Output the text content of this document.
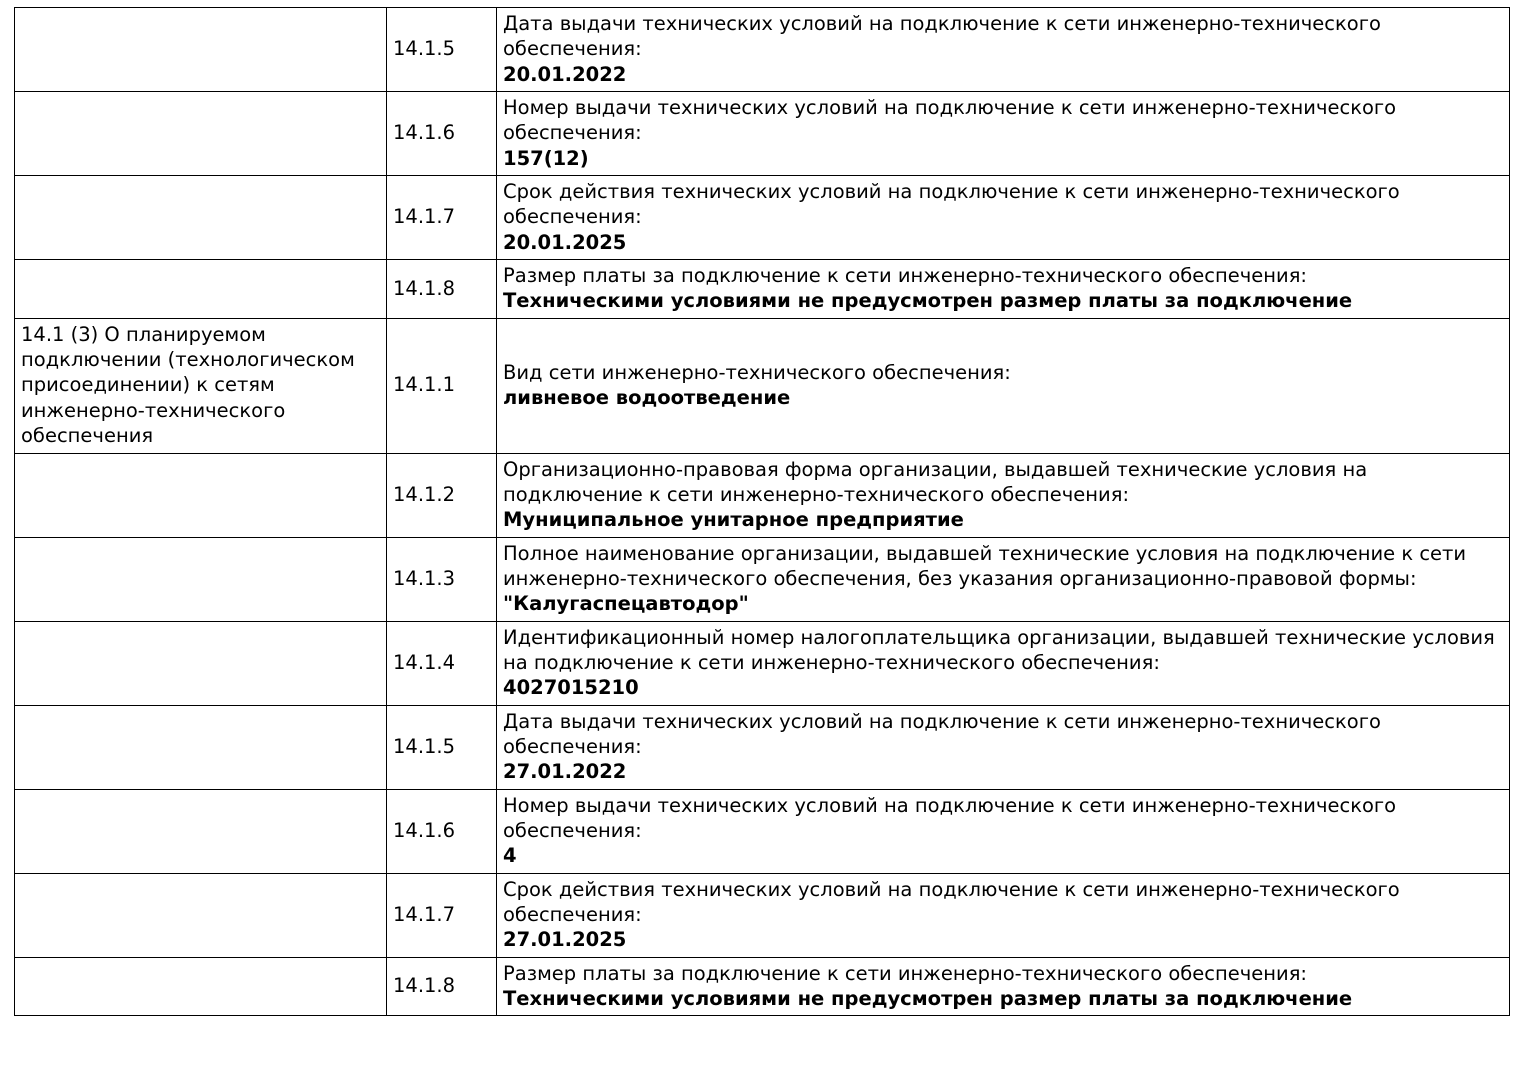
	14.1.5	Дата выдачи технических условий на подключение к сети инженерно-технического обеспечения:
20.01.2022

	14.1.6	Номер выдачи технических условий на подключение к сети инженерно-технического обеспечения:
157(12)

	14.1.7	Срок действия технических условий на подключение к сети инженерно-технического обеспечения:
20.01.2025

	14.1.8	Размер платы за подключение к сети инженерно-технического обеспечения:
Техническими условиями не предусмотрен размер платы за подключение

14.1 (3) О планируемом подключении (технологическом присоединении) к сетям инженерно-технического обеспечения	14.1.1	Вид сети инженерно-технического обеспечения:
ливневое водоотведение

	14.1.2	Организационно-правовая форма организации, выдавшей технические условия на подключение к сети инженерно-технического обеспечения:
Муниципальное унитарное предприятие

	14.1.3	Полное наименование организации, выдавшей технические условия на подключение к сети инженерно-технического обеспечения, без указания организационно-правовой формы:
"Калугаспецавтодор"

	14.1.4	Идентификационный номер налогоплательщика организации, выдавшей технические условия на подключение к сети инженерно-технического обеспечения:
4027015210

	14.1.5	Дата выдачи технических условий на подключение к сети инженерно-технического обеспечения:
27.01.2022

	14.1.6	Номер выдачи технических условий на подключение к сети инженерно-технического обеспечения:
4

	14.1.7	Срок действия технических условий на подключение к сети инженерно-технического обеспечения:
27.01.2025

	14.1.8	Размер платы за подключение к сети инженерно-технического обеспечения:
Техническими условиями не предусмотрен размер платы за подключение
